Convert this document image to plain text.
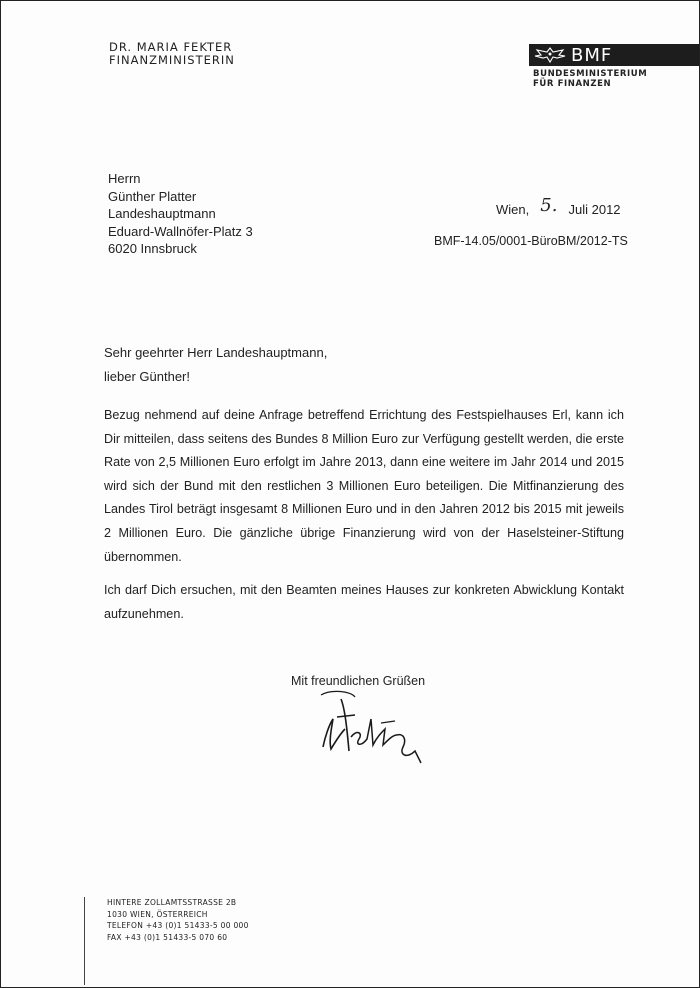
DR. MARIA FEKTER
FINANZMINISTERIN	BMF
BUNDESMINISTERIUM
FÜR FINANZEN
Herrn
Günther Platter
Landeshauptmann
Eduard-Wallnöfer-Platz 3
6020 Innsbruck
Wien, 5. Juli 2012
BMF-14.05/0001-BüroBM/2012-TS
Sehr geehrter Herr Landeshauptmann,
lieber Günther!

Bezug nehmend auf deine Anfrage betreffend Errichtung des Festspielhauses Erl, kann ich Dir mitteilen, dass seitens des Bundes 8 Million Euro zur Verfügung gestellt werden, die erste Rate von 2,5 Millionen Euro erfolgt im Jahre 2013, dann eine weitere im Jahr 2014 und 2015 wird sich der Bund mit den restlichen 3 Millionen Euro beteiligen. Die Mitfinanzierung des Landes Tirol beträgt insgesamt 8 Millionen Euro und in den Jahren 2012 bis 2015 mit jeweils 2 Millionen Euro. Die gänzliche übrige Finanzierung wird von der Haselsteiner-Stiftung übernommen.

Ich darf Dich ersuchen, mit den Beamten meines Hauses zur konkreten Abwicklung Kontakt aufzunehmen.

Mit freundlichen Grüßen
HINTERE ZOLLAMTSSTRASSE 2B
1030 WIEN, ÖSTERREICH
TELEFON +43 (0)1 51433-5 00 000
FAX +43 (0)1 51433-5 070 60
